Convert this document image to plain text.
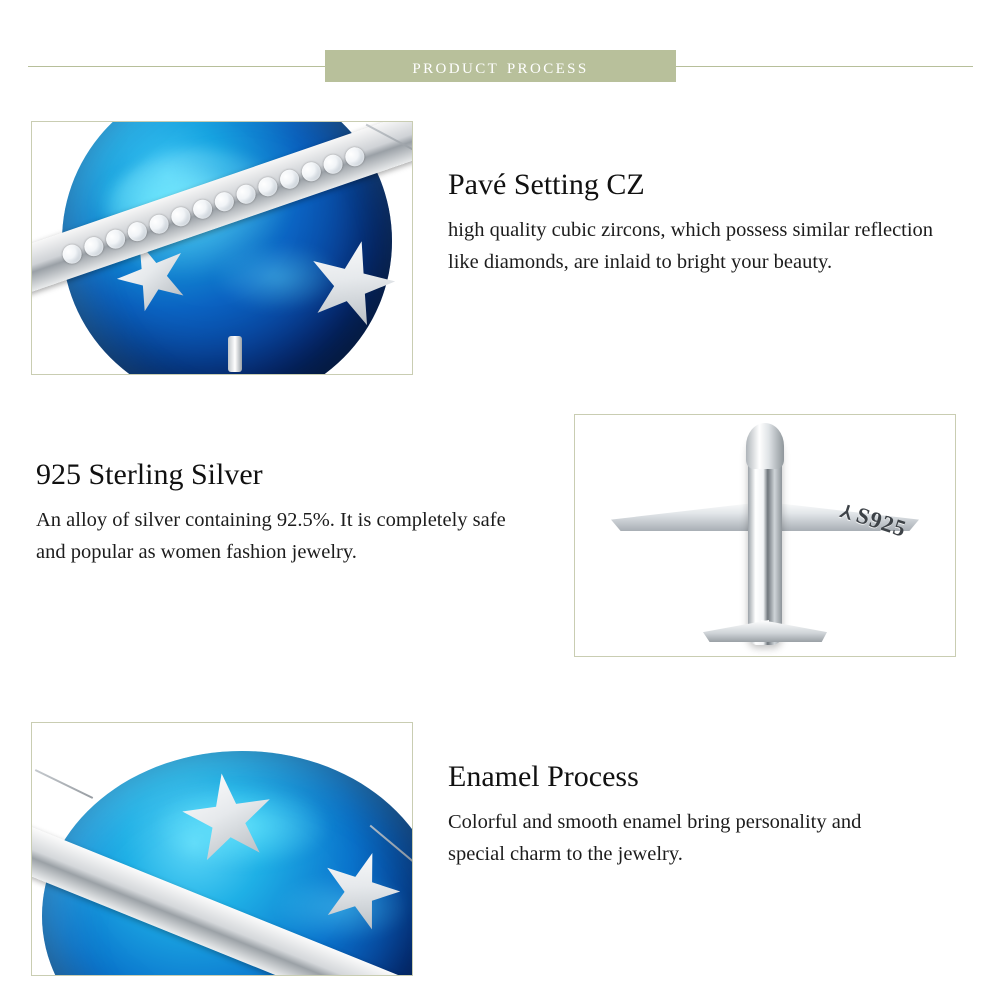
product process
Pavé Setting CZ

high quality cubic zircons, which possess similar reflection like diamonds, are inlaid to bright your beauty.

925 Sterling Silver

An alloy of silver containing 92.5%. It is completely safe and popular as women fashion jewelry.

⅄S925
Enamel Process

Colorful and smooth enamel bring personality and special charm to the jewelry.
